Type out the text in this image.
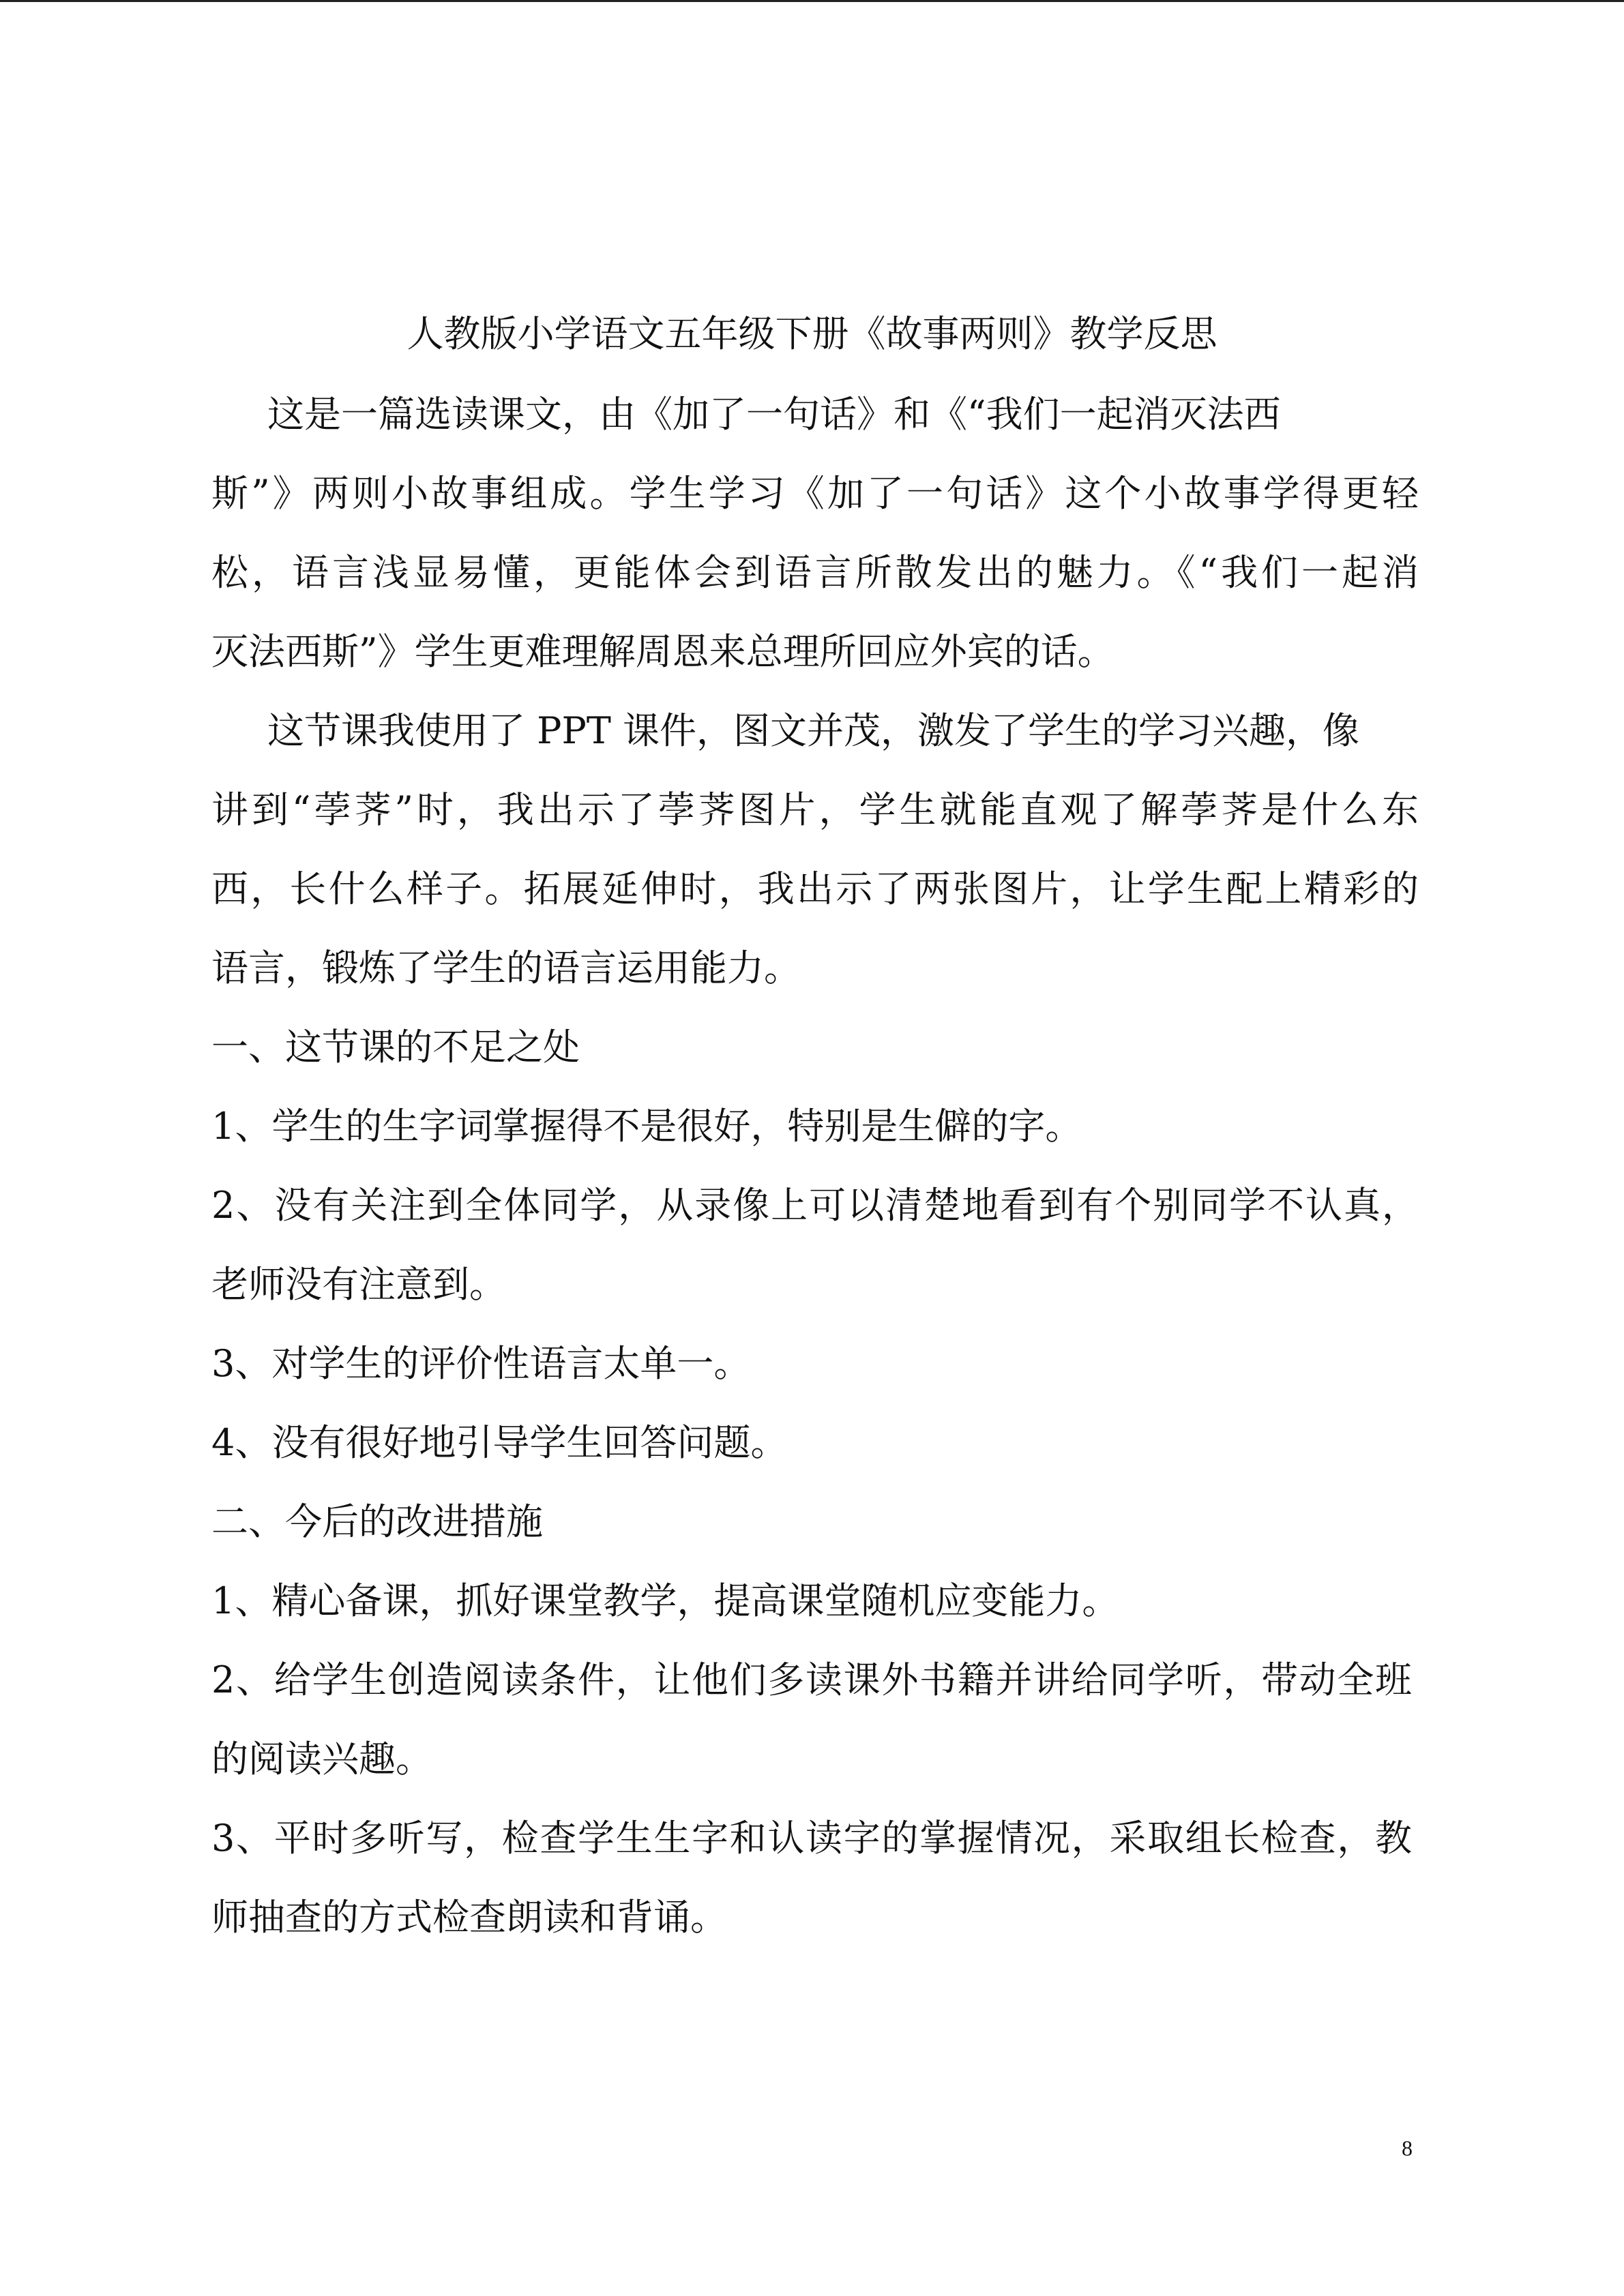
人教版小学语文五年级下册《故事两则》教学反思
这是一篇选读课文，由《加了一句话》和《“我们一起消灭法西
斯”》两则小故事组成。学生学习《加了一句话》这个小故事学得更轻
松，语言浅显易懂，更能体会到语言所散发出的魅力。《“我们一起消
灭法西斯”》学生更难理解周恩来总理所回应外宾的话。
这节课我使用了 PPT 课件，图文并茂，激发了学生的学习兴趣，像
讲到“荸荠”时，我出示了荸荠图片，学生就能直观了解荸荠是什么东
西，长什么样子。拓展延伸时，我出示了两张图片，让学生配上精彩的
语言，锻炼了学生的语言运用能力。
一、这节课的不足之处
1、学生的生字词掌握得不是很好，特别是生僻的字。
2、没有关注到全体同学，从录像上可以清楚地看到有个别同学不认真，
老师没有注意到。
3、对学生的评价性语言太单一。
4、没有很好地引导学生回答问题。
二、今后的改进措施
1、精心备课，抓好课堂教学，提高课堂随机应变能力。
2、给学生创造阅读条件，让他们多读课外书籍并讲给同学听，带动全班
的阅读兴趣。
3、平时多听写，检查学生生字和认读字的掌握情况，采取组长检查，教
师抽查的方式检查朗读和背诵。
8
